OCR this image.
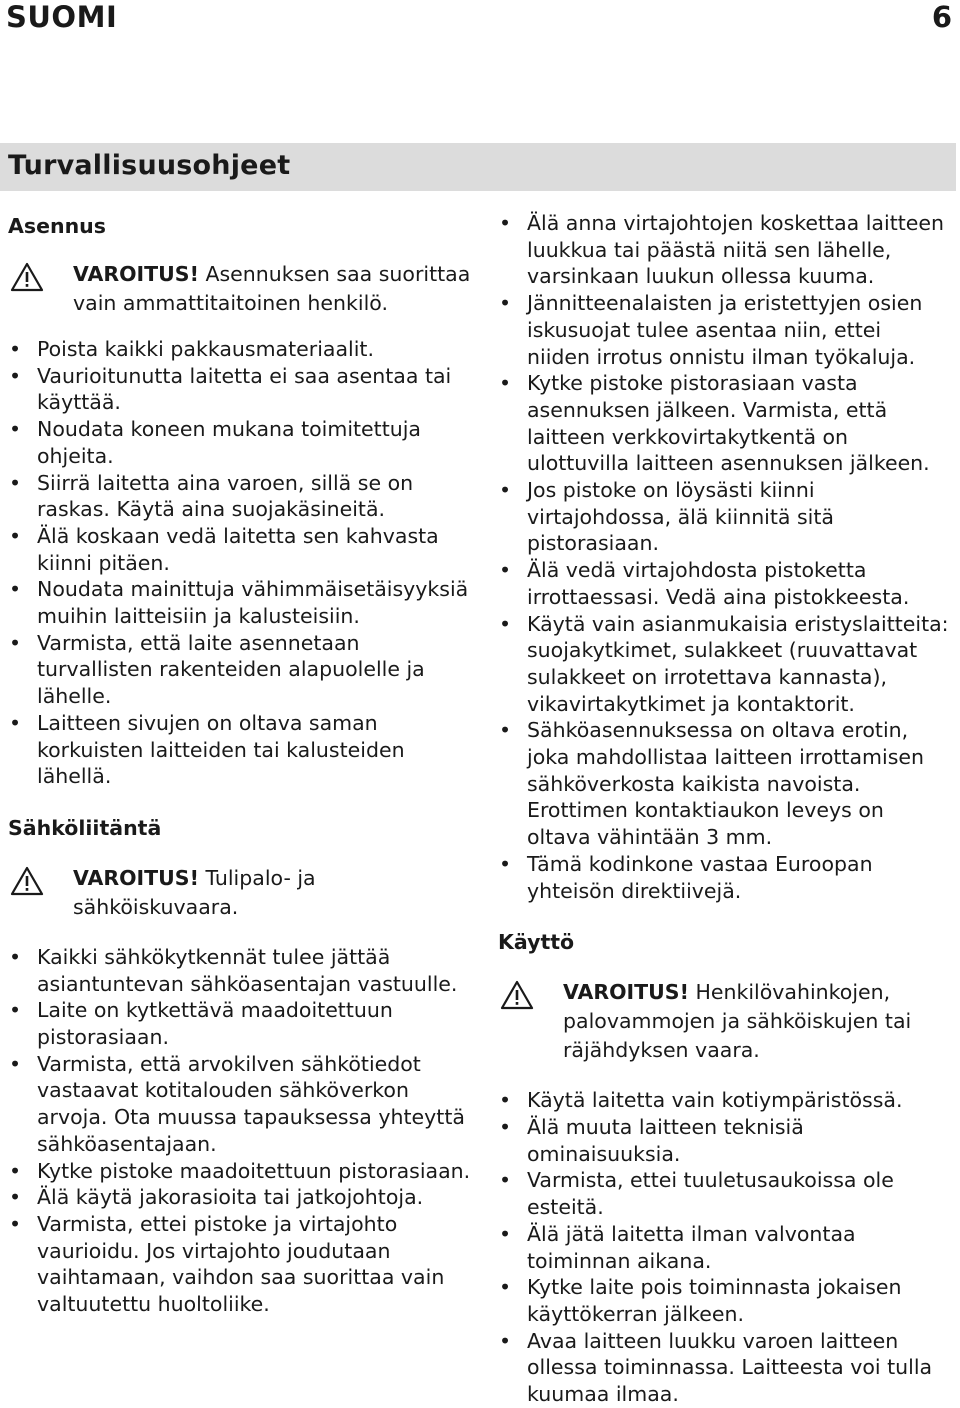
SUOMI	6
Turvallisuusohjeet
Asennus
VAROITUS! Asennuksen saa suorittaa vain ammattitaitoinen henkilö.
• Poista kaikki pakkausmateriaalit.
• Vaurioitunutta laitetta ei saa asentaa tai käyttää.
• Noudata koneen mukana toimitettuja ohjeita.
• Siirrä laitetta aina varoen, sillä se on raskas. Käytä aina suojakäsineitä.
• Älä koskaan vedä laitetta sen kahvasta kiinni pitäen.
• Noudata mainittuja vähimmäisetäisyyksiä muihin laitteisiin ja kalusteisiin.
• Varmista, että laite asennetaan turvallisten rakenteiden alapuolelle ja lähelle.
• Laitteen sivujen on oltava saman korkuisten laitteiden tai kalusteiden lähellä.
Sähköliitäntä
VAROITUS! Tulipalo- ja sähköiskuvaara.
• Kaikki sähkökytkennät tulee jättää asiantuntevan sähköasentajan vastuulle.
• Laite on kytkettävä maadoitettuun pistorasiaan.
• Varmista, että arvokilven sähkötiedot vastaavat kotitalouden sähköverkon arvoja. Ota muussa tapauksessa yhteyttä sähköasentajaan.
• Kytke pistoke maadoitettuun pistorasiaan.
• Älä käytä jakorasioita tai jatkojohtoja.
• Varmista, ettei pistoke ja virtajohto vaurioidu. Jos virtajohto joudutaan vaihtamaan, vaihdon saa suorittaa vain valtuutettu huoltoliike.
• Älä anna virtajohtojen koskettaa laitteen luukkua tai päästä niitä sen lähelle, varsinkaan luukun ollessa kuuma.
• Jännitteenalaisten ja eristettyjen osien iskusuojat tulee asentaa niin, ettei niiden irrotus onnistu ilman työkaluja.
• Kytke pistoke pistorasiaan vasta asennuksen jälkeen. Varmista, että laitteen verkkovirtakytkentä on ulottuvilla laitteen asennuksen jälkeen.
• Jos pistoke on löysästi kiinni virtajohdossa, älä kiinnitä sitä pistorasiaan.
• Älä vedä virtajohdosta pistoketta irrottaessasi. Vedä aina pistokkeesta.
• Käytä vain asianmukaisia eristyslaitteita: suojakytkimet, sulakkeet (ruuvattavat sulakkeet on irrotettava kannasta), vikavirtakytkimet ja kontaktorit.
• Sähköasennuksessa on oltava erotin, joka mahdollistaa laitteen irrottamisen sähköverkosta kaikista navoista. Erottimen kontaktiaukon leveys on oltava vähintään 3 mm.
• Tämä kodinkone vastaa Euroopan yhteisön direktiivejä.
Käyttö
VAROITUS! Henkilövahinkojen, palovammojen ja sähköiskujen tai räjähdyksen vaara.
• Käytä laitetta vain kotiympäristössä.
• Älä muuta laitteen teknisiä ominaisuuksia.
• Varmista, ettei tuuletusaukoissa ole esteitä.
• Älä jätä laitetta ilman valvontaa toiminnan aikana.
• Kytke laite pois toiminnasta jokaisen käyttökerran jälkeen.
• Avaa laitteen luukku varoen laitteen ollessa toiminnassa. Laitteesta voi tulla kuumaa ilmaa.
